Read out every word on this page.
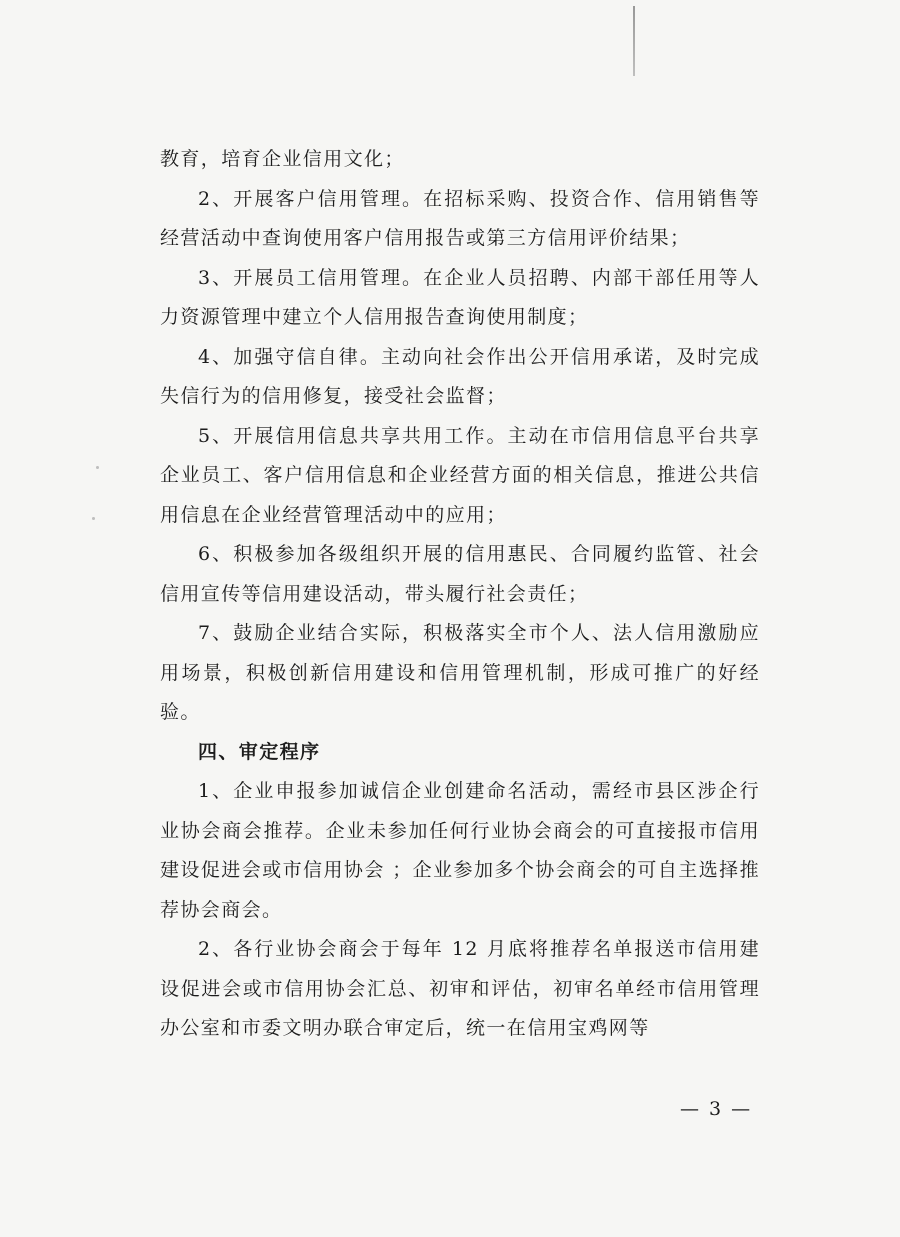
教育，培育企业信用文化；

2、开展客户信用管理。在招标采购、投资合作、信用销售等经营活动中查询使用客户信用报告或第三方信用评价结果；

3、开展员工信用管理。在企业人员招聘、内部干部任用等人力资源管理中建立个人信用报告查询使用制度；

4、加强守信自律。主动向社会作出公开信用承诺，及时完成失信行为的信用修复，接受社会监督；

5、开展信用信息共享共用工作。主动在市信用信息平台共享企业员工、客户信用信息和企业经营方面的相关信息，推进公共信用信息在企业经营管理活动中的应用；

6、积极参加各级组织开展的信用惠民、合同履约监管、社会信用宣传等信用建设活动，带头履行社会责任；

7、鼓励企业结合实际，积极落实全市个人、法人信用激励应用场景，积极创新信用建设和信用管理机制，形成可推广的好经验。

四、审定程序

1、企业申报参加诚信企业创建命名活动，需经市县区涉企行业协会商会推荐。企业未参加任何行业协会商会的可直接报市信用建设促进会或市信用协会 ；企业参加多个协会商会的可自主选择推荐协会商会。

2、各行业协会商会于每年 12 月底将推荐名单报送市信用建设促进会或市信用协会汇总、初审和评估，初审名单经市信用管理办公室和市委文明办联合审定后，统一在信用宝鸡网等

— 3 —
